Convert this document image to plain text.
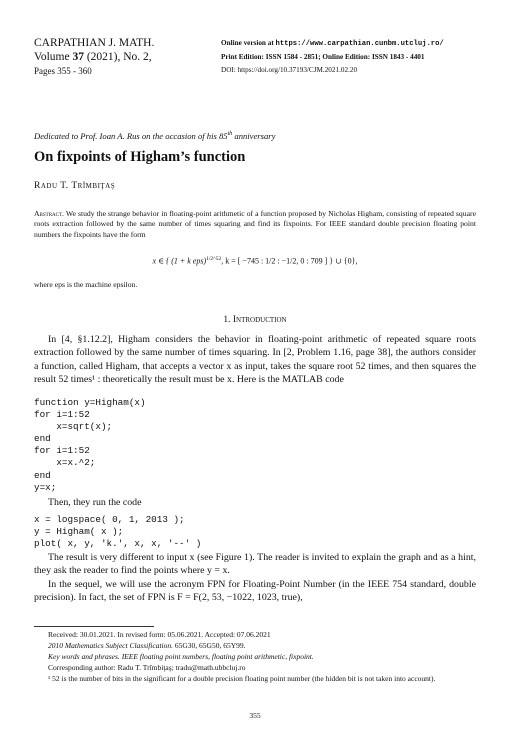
CARPATHIAN J. MATH.
Volume 37 (2021), No. 2,
Pages 355 - 360
Online version at https://www.carpathian.cunbm.utcluj.ro/
Print Edition: ISSN 1584 - 2851; Online Edition: ISSN 1843 - 4401
DOI: https://doi.org/10.37193/CJM.2021.02.20
Dedicated to Prof. Ioan A. Rus on the occasion of his 85th anniversary
On fixpoints of Higham’s function
Radu T. Trîmbiţaş
Abstract. We study the strange behavior in floating-point arithmetic of a function proposed by Nicholas Higham, consisting of repeated square roots extraction followed by the same number of times squaring and find its fixpoints. For IEEE standard double precision floating point numbers the fixpoints have the form
x ∈ { (1 + k eps)$^{1/2\^{}52}$, k = [ −745 : 1/2 : −1/2, 0 : 709 ] } ∪ {0},
where eps is the machine epsilon.
1. Introduction
In [4, §1.12.2], Higham considers the behavior in floating-point arithmetic of repeated square roots extraction followed by the same number of times squaring. In [2, Problem 1.16, page 38], the authors consider a function, called Higham, that accepts a vector x as input, takes the square root 52 times, and then squares the result 52 times¹ : theoretically the result must be x. Here is the MATLAB code
function y=Higham(x)
for i=1:52
x=sqrt(x);
end
for i=1:52
x=x.^2;
end
y=x;
Then, they run the code
x = logspace( 0, 1, 2013 );
y = Higham( x );
plot( x, y, 'k.', x, x, '--' )
The result is very different to input x (see Figure 1). The reader is invited to explain the graph and as a hint, they ask the reader to find the points where y = x.
In the sequel, we will use the acronym FPN for Floating-Point Number (in the IEEE 754 standard, double precision). In fact, the set of FPN is F = F(2, 53, −1022, 1023, true),
Received: 30.01.2021. In revised form: 05.06.2021. Accepted: 07.06.2021
2010 Mathematics Subject Classification. 65G30, 65G50, 65Y99.
Key words and phrases. IEEE floating point numbers, floating point arithmetic, fixpoint.
Corresponding author: Radu T. Trîmbiţaş; tradu@math.ubbcluj.ro
¹ 52 is the number of bits in the significant for a double precision floating point number (the hidden bit is not taken into account).
355
